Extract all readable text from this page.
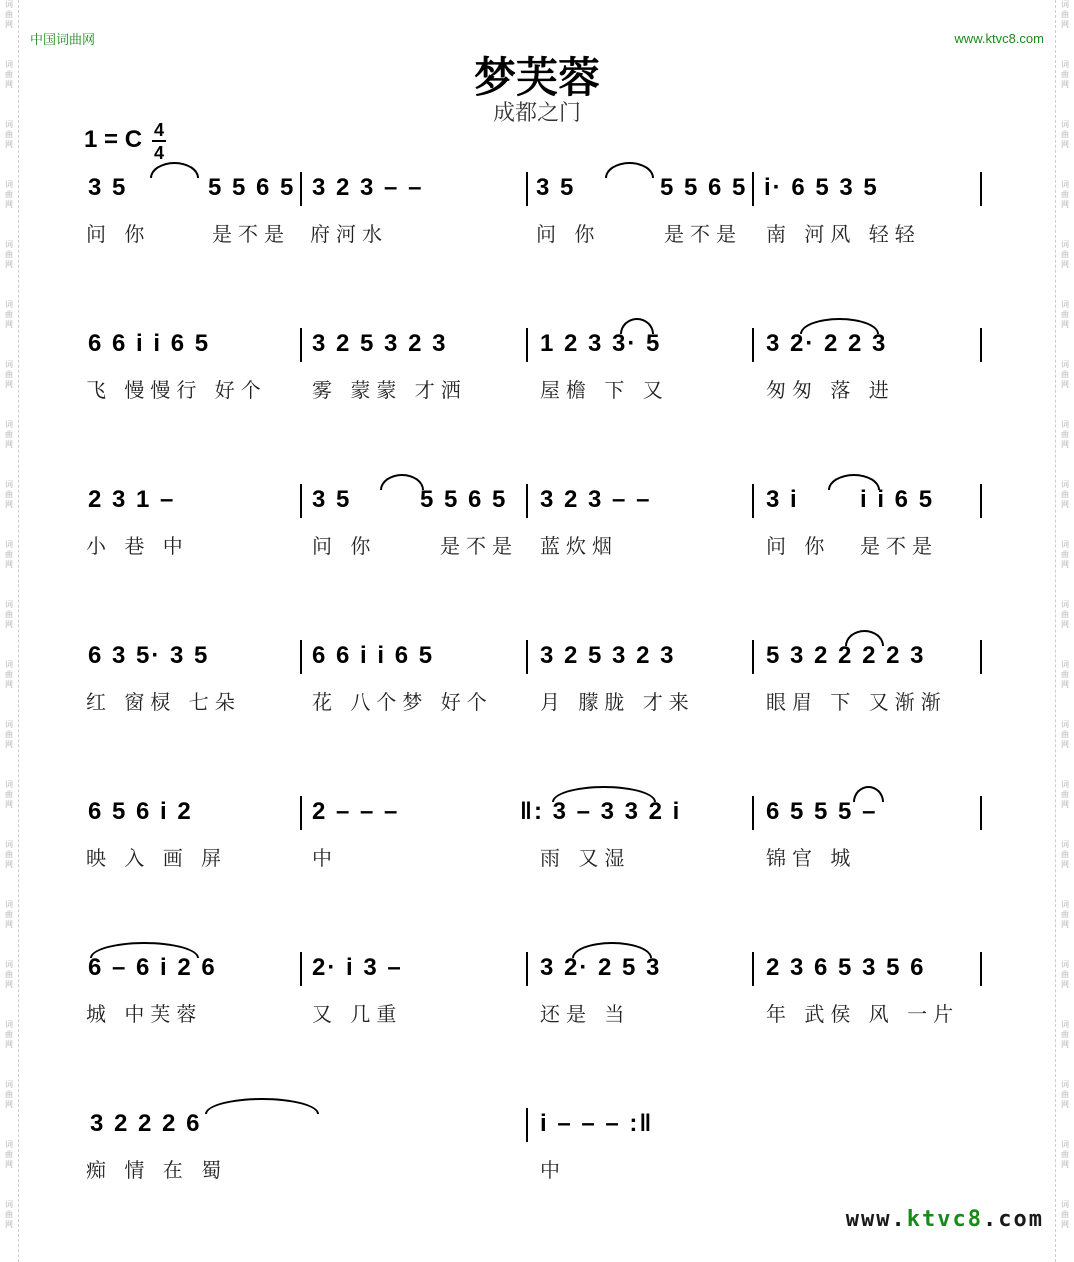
词
曲
网
词
曲
网
词
曲
网
词
曲
网
词
曲
网
词
曲
网
词
曲
网
词
曲
网
词
曲
网
词
曲
网
词
曲
网
词
曲
网
词
曲
网
词
曲
网
词
曲
网
词
曲
网
词
曲
网
词
曲
网
词
曲
网
词
曲
网
词
曲
网
词
曲
网
词
曲
网
词
曲
网
词
曲
网
词
曲
网
词
曲
网
词
曲
网
词
曲
网
词
曲
网
词
曲
网
词
曲
网
词
曲
网
词
曲
网
词
曲
网
词
曲
网
词
曲
网
词
曲
网
词
曲
网
词
曲
网
词
曲
网
词
曲
网
中国词曲网	www.ktvc8.com
梦芙蓉
成都之门
1 = C 4
4
3 5	5 5 6 5 3 2 3 – –	3 5	5 5 6 5 i· 6 5 3 5
问 你	是不是 府河水	问 你	是不是 南 河风 轻轻
6 6 i i 6 5	3 2 5 3 2 3	1 2 3 3· 5	3 2· 2 2 3
飞 慢慢行 好个 雾 蒙蒙 才洒	屋檐 下 又	匆匆 落 进
2 3 1 –	3 5	5 5 6 5 3 2 3 – –	3 i	i i 6 5
小 巷 中	问 你	是不是 蓝炊烟	问 你 是不是
6 3 5· 3 5	6 6 i i 6 5	3 2 5 3 2 3	5 3 2 2 2 2 3
红 窗棂 七朵	花 八个梦 好个 月 朦胧 才来	眼眉 下 又渐渐
6 5 6 i 2	2 – – –	‖: 3 – 3 3 2 i	6 5 5 5 –
映 入 画 屏	中	雨 又湿	锦官 城
6 – 6 i 2 6	2· i 3 –	3 2· 2 5 3	2 3 6 5 3 5 6
城 中芙蓉	又 几重	还是 当	年 武侯 风 一片
3 2 2 2 6	i – – – :‖
痴 情 在 蜀	中
www.ktvc8.com
